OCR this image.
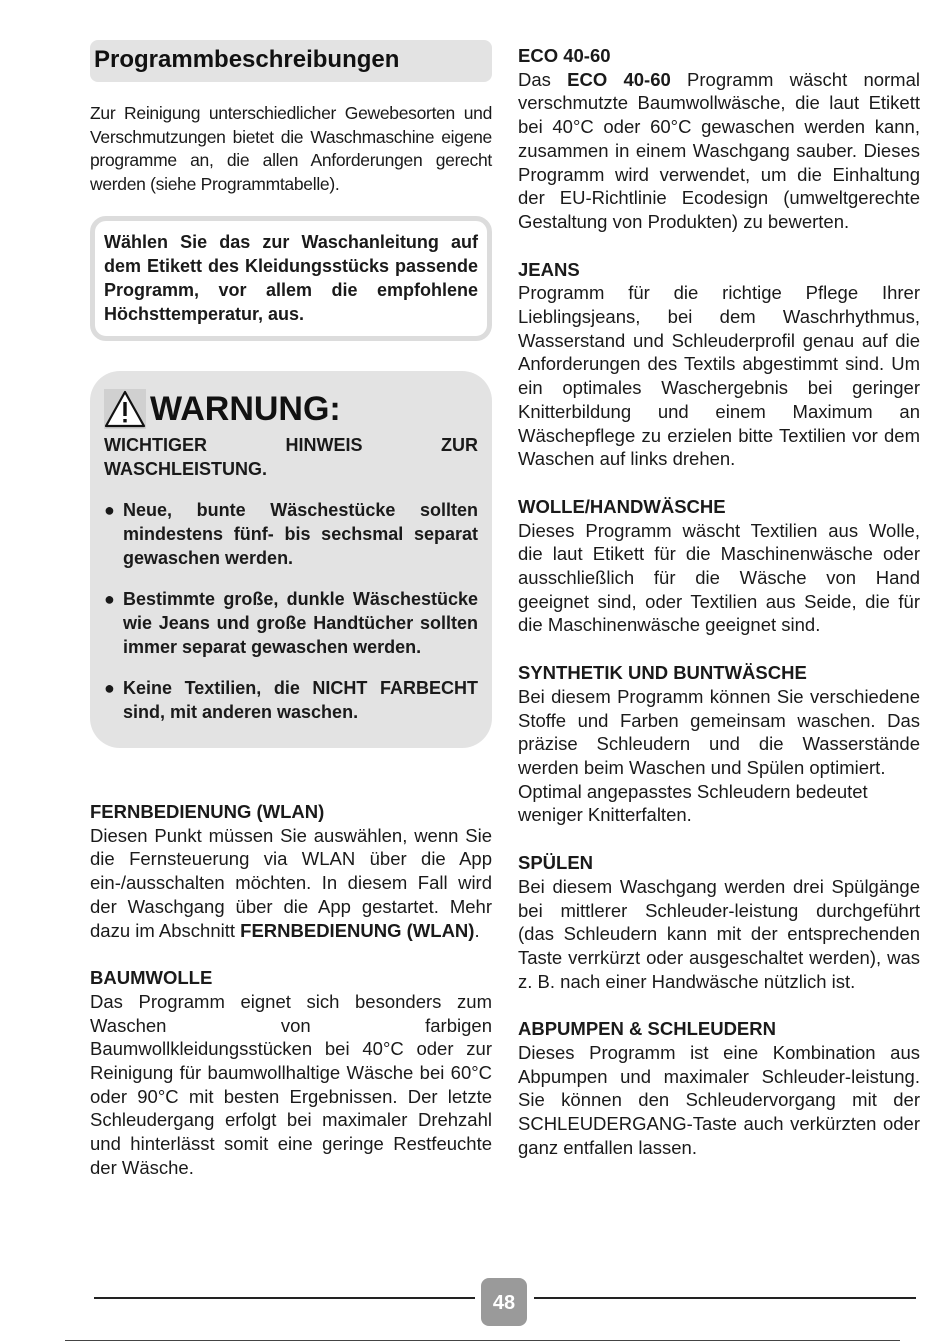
Programmbeschreibungen

Zur Reinigung unterschiedlicher Gewebesorten und Verschmutzungen bietet die Waschmaschine eigene programme an, die allen Anforderungen gerecht werden (siehe Programmtabelle).

Wählen Sie das zur Waschanleitung auf dem Etikett des Kleidungsstücks passende Programm, vor allem die empfohlene Höchsttemperatur, aus.
WARNUNG:
WICHTIGER HINWEIS ZUR
WASCHLEISTUNG.
● Neue, bunte Wäschestücke sollten mindestens fünf- bis sechsmal separat gewaschen werden.
● Bestimmte große, dunkle Wäschestücke wie Jeans und große Handtücher sollten immer separat gewaschen werden.
● Keine Textilien, die NICHT FARBECHT sind, mit anderen waschen.
FERNBEDIENUNG (WLAN)

Diesen Punkt müssen Sie auswählen, wenn Sie die Fernsteuerung via WLAN über die App ein-/ausschalten möchten. In diesem Fall wird der Waschgang über die App gestartet. Mehr dazu im Abschnitt FERNBEDIENUNG (WLAN).

BAUMWOLLE

Das Programm eignet sich besonders zum Waschen von farbigen Baumwollkleidungsstücken bei 40°C oder zur Reinigung für baumwollhaltige Wäsche bei 60°C oder 90°C mit besten Ergebnissen. Der letzte Schleudergang erfolgt bei maximaler Drehzahl und hinterlässt somit eine geringe Restfeuchte der Wäsche.

ECO 40-60

Das ECO 40-60 Programm wäscht normal verschmutzte Baumwollwäsche, die laut Etikett bei 40°C oder 60°C gewaschen werden kann, zusammen in einem Waschgang sauber. Dieses Programm wird verwendet, um die Einhaltung der EU-Richtlinie Ecodesign (umweltgerechte Gestaltung von Produkten) zu bewerten.

JEANS

Programm für die richtige Pflege Ihrer Lieblingsjeans, bei dem Waschrhythmus, Wasserstand und Schleuderprofil genau auf die Anforderungen des Textils abgestimmt sind. Um ein optimales Waschergebnis bei geringer Knitterbildung und einem Maximum an Wäschepflege zu erzielen bitte Textilien vor dem Waschen auf links drehen.

WOLLE/HANDWÄSCHE

Dieses Programm wäscht Textilien aus Wolle, die laut Etikett für die Maschinenwäsche oder ausschließlich für die Wäsche von Hand geeignet sind, oder Textilien aus Seide, die für die Maschinenwäsche geeignet sind.

SYNTHETIK UND BUNTWÄSCHE

Bei diesem Programm können Sie verschiedene Stoffe und Farben gemeinsam waschen. Das präzise Schleudern und die Wasserstände werden beim Waschen und Spülen optimiert.

Optimal angepasstes Schleudern bedeutet weniger Knitterfalten.

SPÜLEN

Bei diesem Waschgang werden drei Spülgänge bei mittlerer Schleuder-leistung durchgeführt (das Schleudern kann mit der entsprechenden Taste verrkürzt oder ausgeschaltet werden), was z. B. nach einer Handwäsche nützlich ist.

ABPUMPEN & SCHLEUDERN

Dieses Programm ist eine Kombination aus Abpumpen und maximaler Schleuder-leistung. Sie können den Schleudervorgang mit der SCHLEUDERGANG-Taste auch verkürzten oder ganz entfallen lassen.

48
